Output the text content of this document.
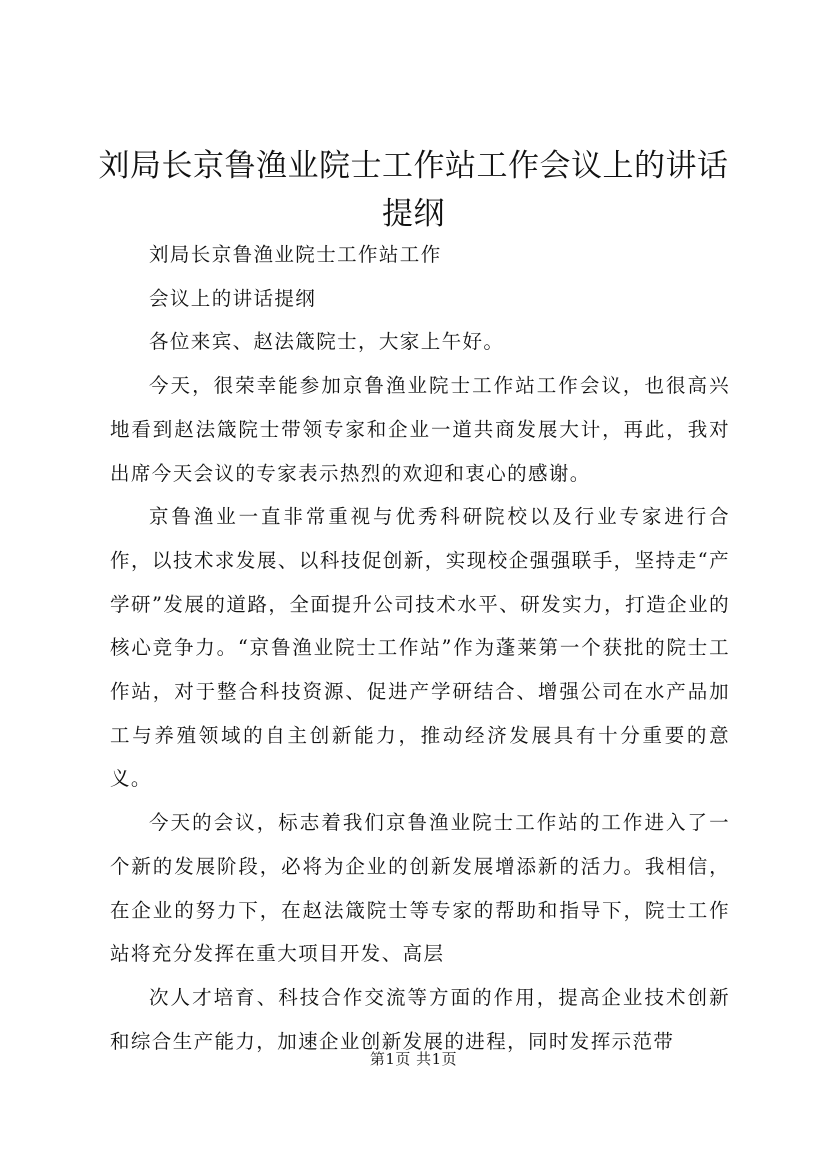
刘局长京鲁渔业院士工作站工作会议上的讲话
提纲

刘局长京鲁渔业院士工作站工作

会议上的讲话提纲

各位来宾、赵法箴院士，大家上午好。

今天，很荣幸能参加京鲁渔业院士工作站工作会议，也很高兴地看到赵法箴院士带领专家和企业一道共商发展大计，再此，我对出席今天会议的专家表示热烈的欢迎和衷心的感谢。

京鲁渔业一直非常重视与优秀科研院校以及行业专家进行合作，以技术求发展、以科技促创新，实现校企强强联手，坚持走“产学研”发展的道路，全面提升公司技术水平、研发实力，打造企业的核心竞争力。“京鲁渔业院士工作站”作为蓬莱第一个获批的院士工作站，对于整合科技资源、促进产学研结合、增强公司在水产品加工与养殖领域的自主创新能力，推动经济发展具有十分重要的意义。

今天的会议，标志着我们京鲁渔业院士工作站的工作进入了一个新的发展阶段，必将为企业的创新发展增添新的活力。我相信，在企业的努力下，在赵法箴院士等专家的帮助和指导下，院士工作站将充分发挥在重大项目开发、高层

次人才培育、科技合作交流等方面的作用，提高企业技术创新和综合生产能力，加速企业创新发展的进程，同时发挥示范带

第1页 共1页
